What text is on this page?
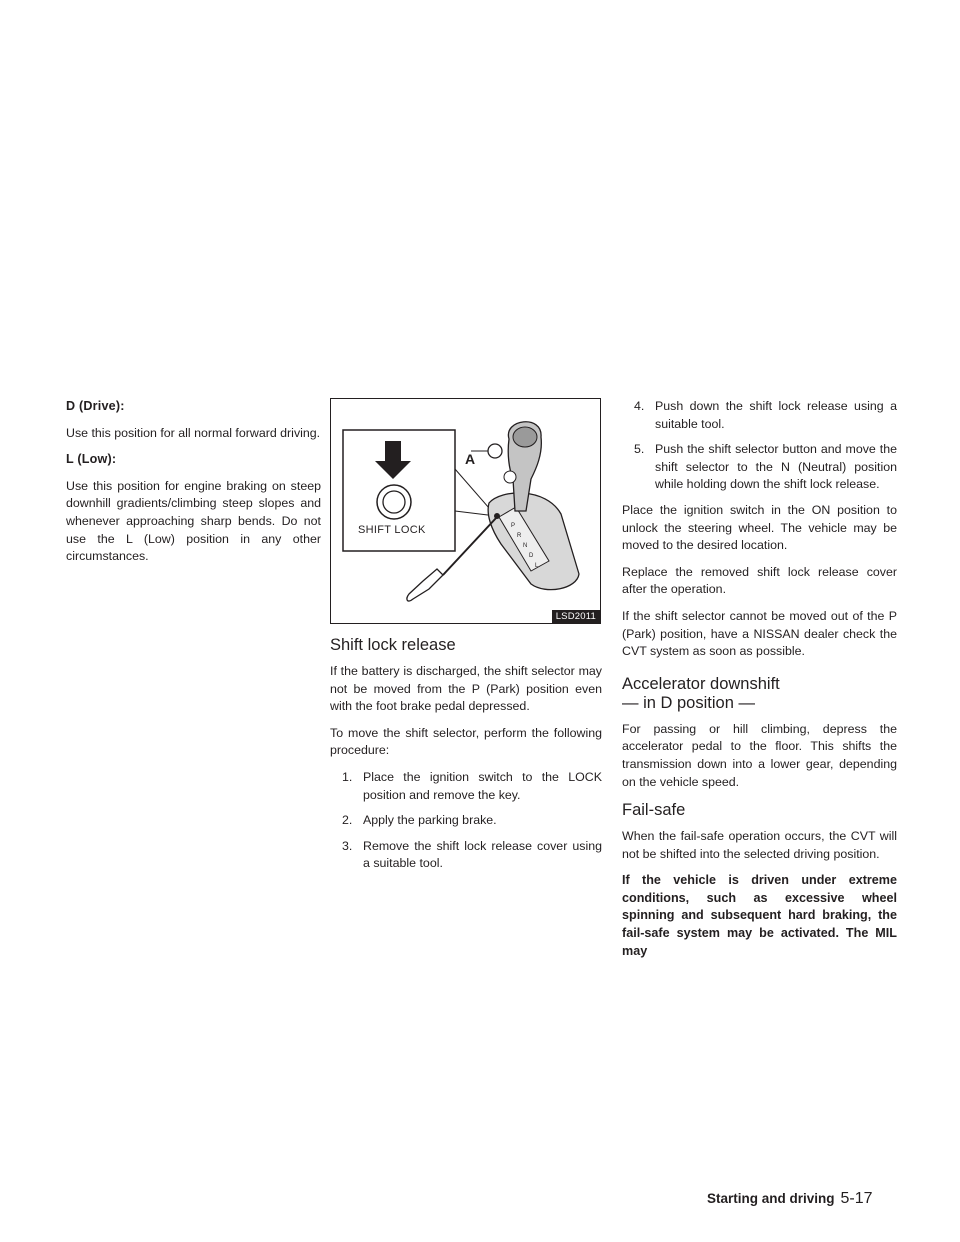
D (Drive):

Use this position for all normal forward driving.

L (Low):

Use this position for engine braking on steep downhill gradients/climbing steep slopes and whenever approaching sharp bends. Do not use the L (Low) position in any other circumstances.

P
R
N
D
L
A
SHIFT LOCK
LSD2011
Shift lock release

If the battery is discharged, the shift selector may not be moved from the P (Park) position even with the foot brake pedal depressed.

To move the shift selector, perform the following procedure:

1. Place the ignition switch to the LOCK position and remove the key.
2. Apply the parking brake.
3. Remove the shift lock release cover using a suitable tool.
4. Push down the shift lock release using a suitable tool.
5. Push the shift selector button and move the shift selector to the N (Neutral) position while holding down the shift lock release.

Place the ignition switch in the ON position to unlock the steering wheel. The vehicle may be moved to the desired location.

Replace the removed shift lock release cover after the operation.

If the shift selector cannot be moved out of the P (Park) position, have a NISSAN dealer check the CVT system as soon as possible.

Accelerator downshift
— in D position —

For passing or hill climbing, depress the accelerator pedal to the floor. This shifts the transmission down into a lower gear, depending on the vehicle speed.

Fail-safe

When the fail-safe operation occurs, the CVT will not be shifted into the selected driving position.

If the vehicle is driven under extreme conditions, such as excessive wheel spinning and subsequent hard braking, the fail-safe system may be activated. The MIL may

Starting and driving 5-17
